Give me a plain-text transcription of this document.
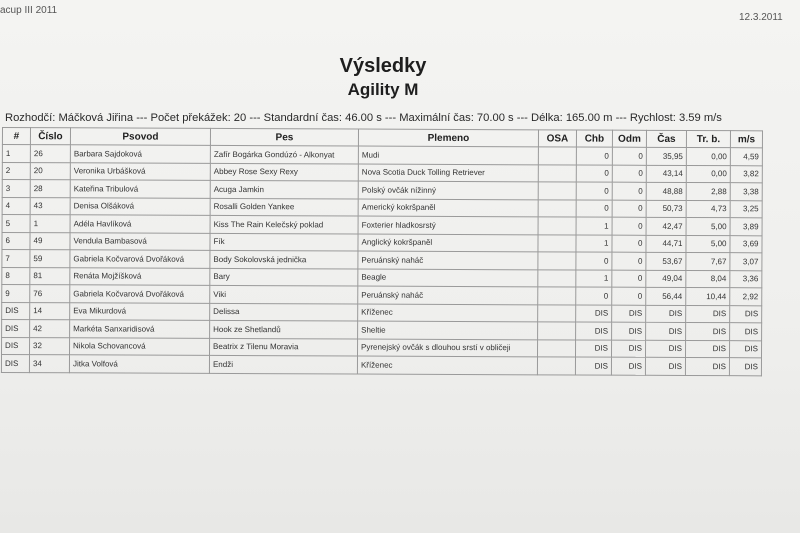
acup III 2011
12.3.2011
Výsledky
Agility M
Rozhodčí: Máčková Jiřina --- Počet překážek: 20 --- Standardní čas: 46.00 s --- Maximální čas: 70.00 s --- Délka: 165.00 m --- Rychlost: 3.59 m/s
#	Číslo	Psovod	Pes	Plemeno	OSA	Chb	Odm	Čas	Tr. b.	m/s
1	26	Barbara Sajdoková	Zafír Bogárka Gondúzó - Alkonyat	Mudi		0	0	35,95	0,00	4,59
2	20	Veronika Urbášková	Abbey Rose Sexy Rexy	Nova Scotia Duck Tolling Retriever		0	0	43,14	0,00	3,82
3	28	Kateřina Tribulová	Acuga Jamkin	Polský ovčák nížinný		0	0	48,88	2,88	3,38
4	43	Denisa Olšáková	Rosalli Golden Yankee	Americký kokršpaněl		0	0	50,73	4,73	3,25
5	1	Adéla Havlíková	Kiss The Rain Kelečský poklad	Foxterier hladkosrstý		1	0	42,47	5,00	3,89
6	49	Vendula Bambasová	Fík	Anglický kokršpaněl		1	0	44,71	5,00	3,69
7	59	Gabriela Kočvarová Dvořáková	Body Sokolovská jednička	Peruánský naháč		0	0	53,67	7,67	3,07
8	81	Renáta Mojžíšková	Bary	Beagle		1	0	49,04	8,04	3,36
9	76	Gabriela Kočvarová Dvořáková	Viki	Peruánský naháč		0	0	56,44	10,44	2,92
DIS	14	Eva Mikurdová	Delissa	Kříženec		DIS	DIS	DIS	DIS	DIS
DIS	42	Markéta Sanxaridisová	Hook ze Shetlandů	Sheltie		DIS	DIS	DIS	DIS	DIS
DIS	32	Nikola Schovancová	Beatrix z Tilenu Moravia	Pyrenejský ovčák s dlouhou srstí v obličeji		DIS	DIS	DIS	DIS	DIS
DIS	34	Jitka Volfová	Endži	Kříženec		DIS	DIS	DIS	DIS	DIS
